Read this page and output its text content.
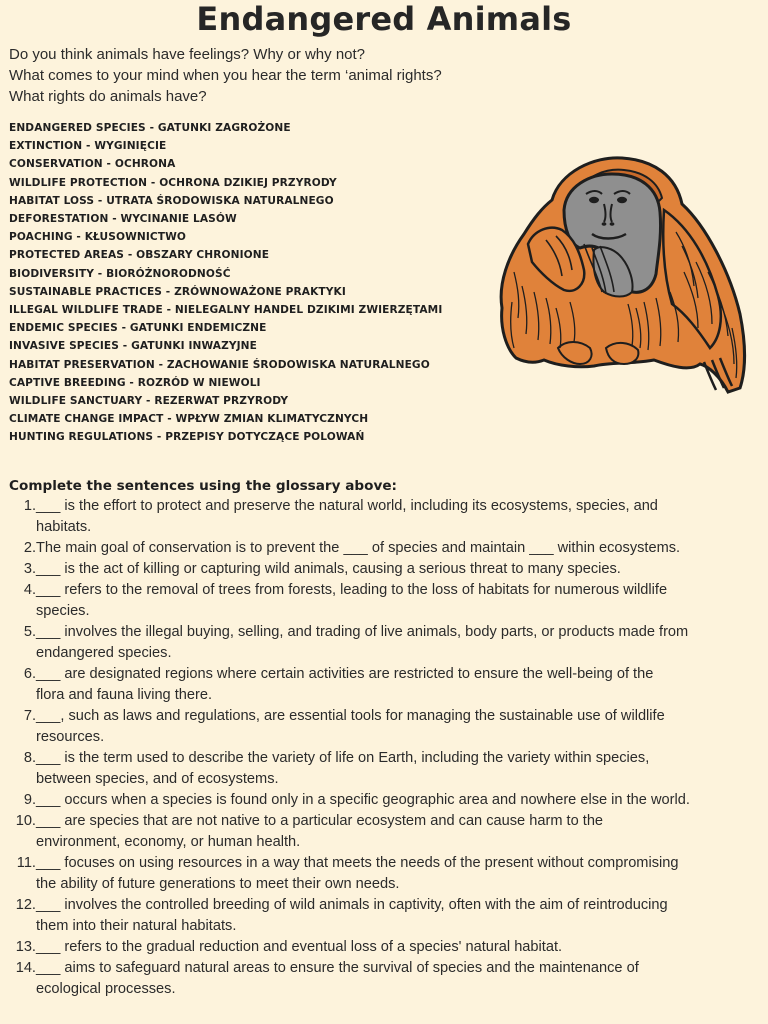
Endangered Animals
Do you think animals have feelings? Why or why not?
What comes to your mind when you hear the term ‘animal rights?
What rights do animals have?
ENDANGERED SPECIES - GATUNKI ZAGROŻONE
EXTINCTION - WYGINIĘCIE
CONSERVATION - OCHRONA
WILDLIFE PROTECTION - OCHRONA DZIKIEJ PRZYRODY
HABITAT LOSS - UTRATA ŚRODOWISKA NATURALNEGO
DEFORESTATION - WYCINANIE LASÓW
POACHING - KŁUSOWNICTWO
PROTECTED AREAS - OBSZARY CHRONIONE
BIODIVERSITY - BIORÓŻNORODNOŚĆ
SUSTAINABLE PRACTICES - ZRÓWNOWAŻONE PRAKTYKI
ILLEGAL WILDLIFE TRADE - NIELEGALNY HANDEL DZIKIMI ZWIERZĘTAMI
ENDEMIC SPECIES - GATUNKI ENDEMICZNE
INVASIVE SPECIES - GATUNKI INWAZYJNE
HABITAT PRESERVATION - ZACHOWANIE ŚRODOWISKA NATURALNEGO
CAPTIVE BREEDING - ROZRÓD W NIEWOLI
WILDLIFE SANCTUARY - REZERWAT PRZYRODY
CLIMATE CHANGE IMPACT - WPŁYW ZMIAN KLIMATYCZNYCH
HUNTING REGULATIONS - PRZEPISY DOTYCZĄCE POLOWAŃ
Complete the sentences using the glossary above:
1. ___ is the effort to protect and preserve the natural world, including its ecosystems, species, and
habitats.
2. The main goal of conservation is to prevent the ___ of species and maintain ___ within ecosystems.
3. ___ is the act of killing or capturing wild animals, causing a serious threat to many species.
4. ___ refers to the removal of trees from forests, leading to the loss of habitats for numerous wildlife
species.
5. ___ involves the illegal buying, selling, and trading of live animals, body parts, or products made from
endangered species.
6. ___ are designated regions where certain activities are restricted to ensure the well-being of the
flora and fauna living there.
7. ___, such as laws and regulations, are essential tools for managing the sustainable use of wildlife
resources.
8. ___ is the term used to describe the variety of life on Earth, including the variety within species,
between species, and of ecosystems.
9. ___ occurs when a species is found only in a specific geographic area and nowhere else in the world.
10. ___ are species that are not native to a particular ecosystem and can cause harm to the
environment, economy, or human health.
11. ___ focuses on using resources in a way that meets the needs of the present without compromising
the ability of future generations to meet their own needs.
12. ___ involves the controlled breeding of wild animals in captivity, often with the aim of reintroducing
them into their natural habitats.
13. ___ refers to the gradual reduction and eventual loss of a species' natural habitat.
14. ___ aims to safeguard natural areas to ensure the survival of species and the maintenance of
ecological processes.
